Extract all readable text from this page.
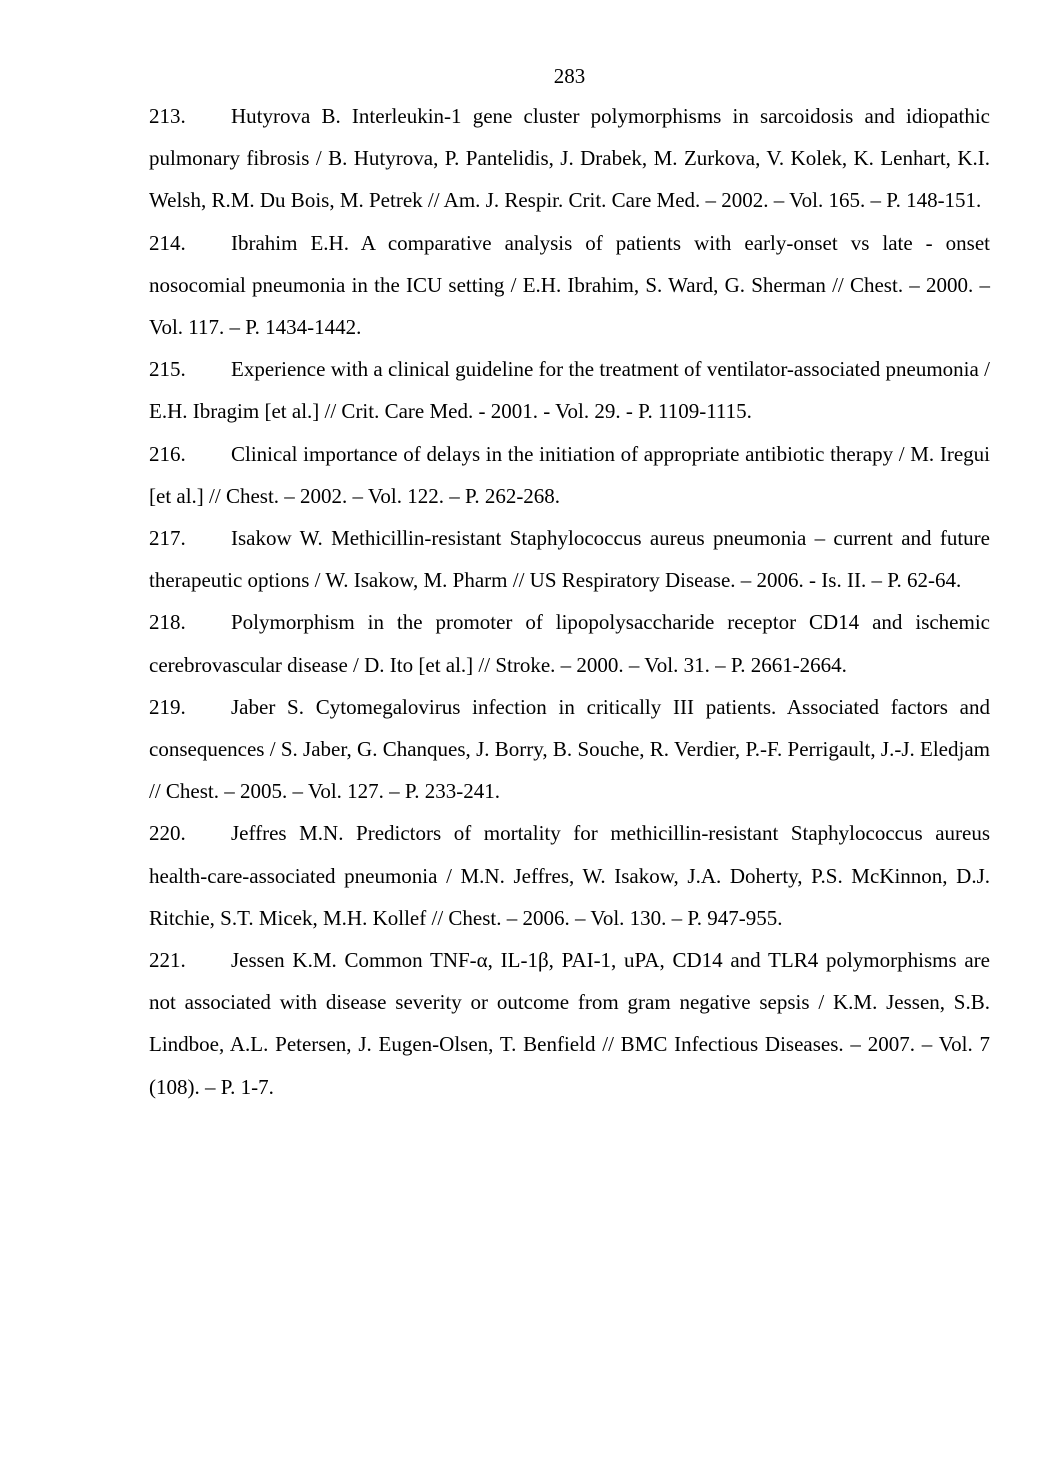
283

213. Hutyrova B. Interleukin-1 gene cluster polymorphisms in sarcoidosis and idiopathic pulmonary fibrosis / B. Hutyrova, P. Pantelidis, J. Drabek, M. Zurkova, V. Kolek, K. Lenhart, K.I. Welsh, R.M. Du Bois, M. Petrek // Am. J. Respir. Crit. Care Med. – 2002. – Vol. 165. – P. 148-151.

214. Ibrahim E.H. A comparative analysis of patients with early-onset vs late - onset nosocomial pneumonia in the ICU setting / E.H. Ibrahim, S. Ward, G. Sherman // Chest. – 2000. – Vol. 117. – P. 1434-1442.

215. Experience with a clinical guideline for the treatment of ventilator-associated pneumonia / E.H. Ibragim [et al.] // Crit. Care Med. - 2001. - Vol. 29. - P. 1109-1115.

216. Clinical importance of delays in the initiation of appropriate antibiotic therapy / M. Iregui [et al.] // Chest. – 2002. – Vol. 122. – P. 262-268.

217. Isakow W. Methicillin-resistant Staphylococcus aureus pneumonia – current and future therapeutic options / W. Isakow, M. Pharm // US Respiratory Disease. – 2006. - Is. II. – P. 62-64.

218. Polymorphism in the promoter of lipopolysaccharide receptor CD14 and ischemic cerebrovascular disease / D. Ito [et al.] // Stroke. – 2000. – Vol. 31. – P. 2661-2664.

219. Jaber S. Cytomegalovirus infection in critically III patients. Associated factors and consequences / S. Jaber, G. Chanques, J. Borry, B. Souche, R. Verdier, P.-F. Perrigault, J.-J. Eledjam // Chest. – 2005. – Vol. 127. – P. 233-241.

220. Jeffres M.N. Predictors of mortality for methicillin-resistant Staphylococcus aureus health-care-associated pneumonia / M.N. Jeffres, W. Isakow, J.A. Doherty, P.S. McKinnon, D.J. Ritchie, S.T. Micek, M.H. Kollef // Chest. – 2006. – Vol. 130. – P. 947-955.

221. Jessen K.M. Common TNF-α, IL-1β, PAI-1, uPA, CD14 and TLR4 polymorphisms are not associated with disease severity or outcome from gram negative sepsis / K.M. Jessen, S.B. Lindboe, A.L. Petersen, J. Eugen-Olsen, T. Benfield // BMC Infectious Diseases. – 2007. – Vol. 7 (108). – P. 1-7.
